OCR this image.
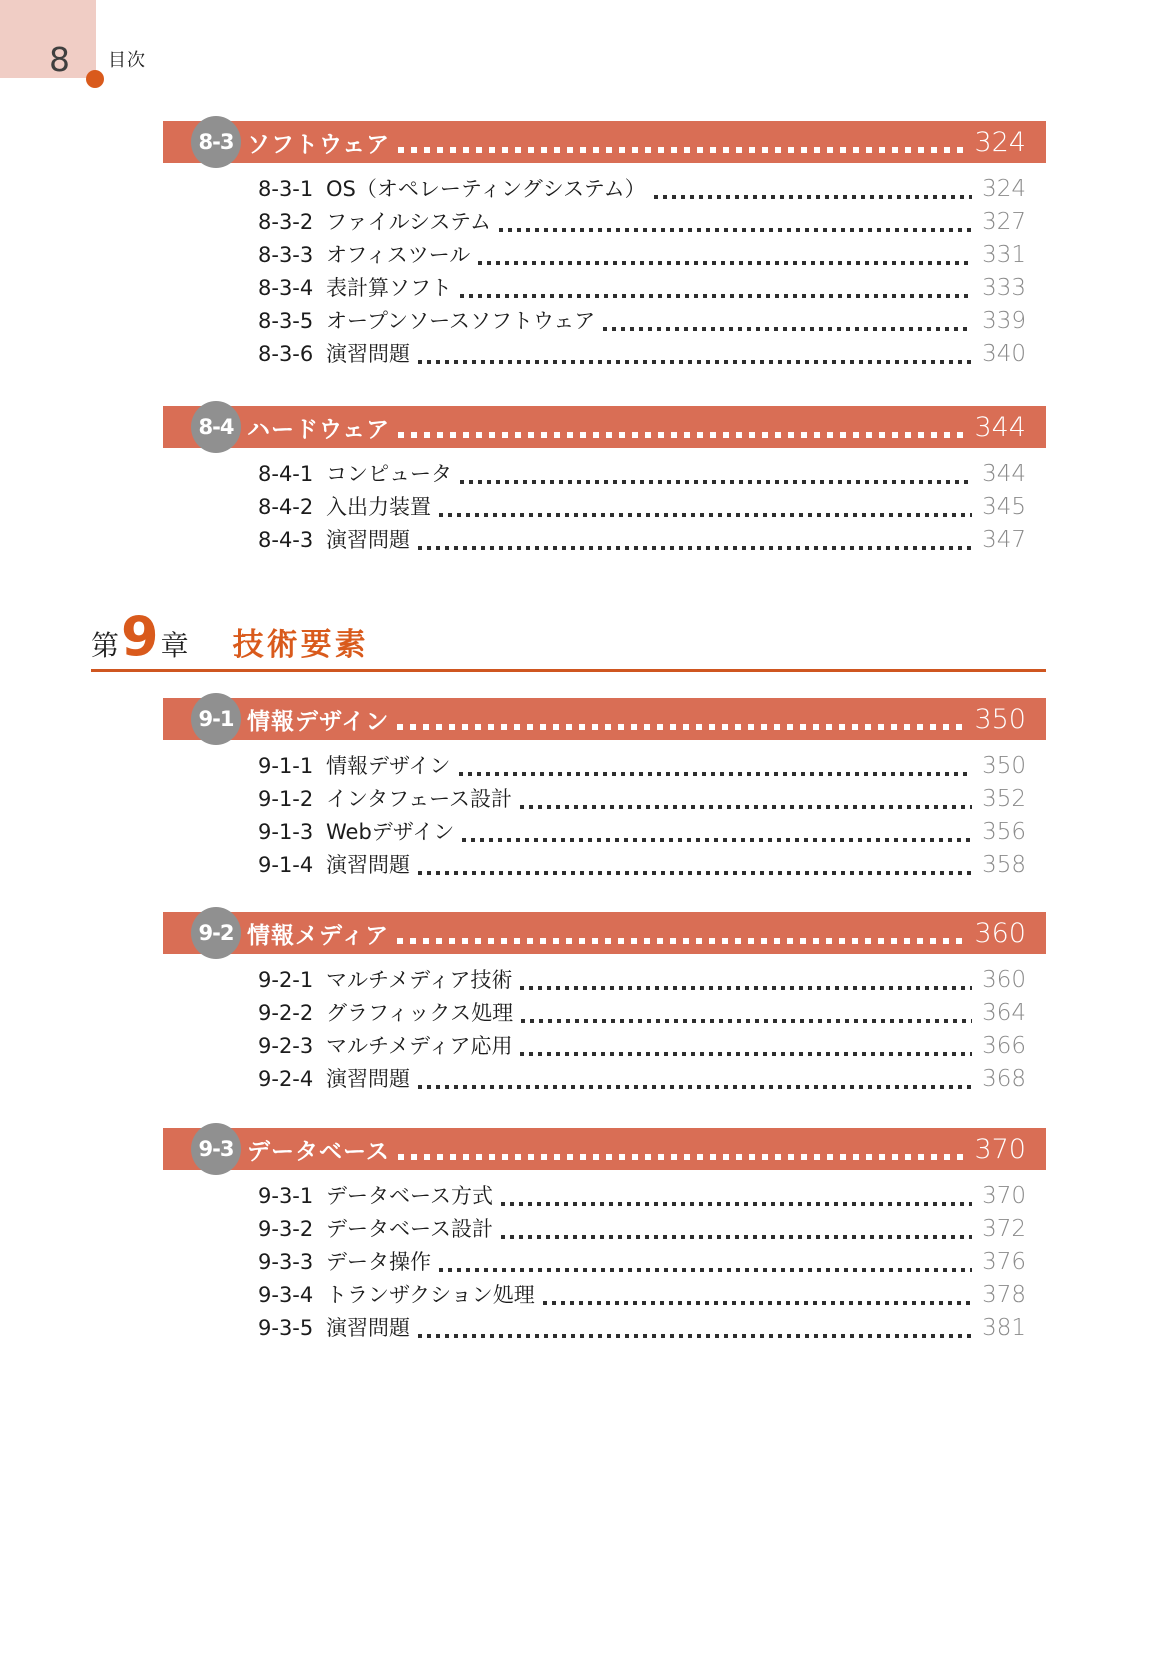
8 目次
第9章 技術要素
8-3 ソフトウェア	324
8-3-1 OS（オペレーティングシステム）	324
8-3-2 ファイルシステム	327
8-3-3 オフィスツール	331
8-3-4 表計算ソフト	333
8-3-5 オープンソースソフトウェア	339
8-3-6 演習問題	340
8-4 ハードウェア	344
8-4-1 コンピュータ	344
8-4-2 入出力装置	345
8-4-3 演習問題	347
9-1 情報デザイン	350
9-1-1 情報デザイン	350
9-1-2 インタフェース設計	352
9-1-3 Webデザイン	356
9-1-4 演習問題	358
9-2 情報メディア	360
9-2-1 マルチメディア技術	360
9-2-2 グラフィックス処理	364
9-2-3 マルチメディア応用	366
9-2-4 演習問題	368
9-3 データベース	370
9-3-1 データベース方式	370
9-3-2 データベース設計	372
9-3-3 データ操作	376
9-3-4 トランザクション処理	378
9-3-5 演習問題	381
